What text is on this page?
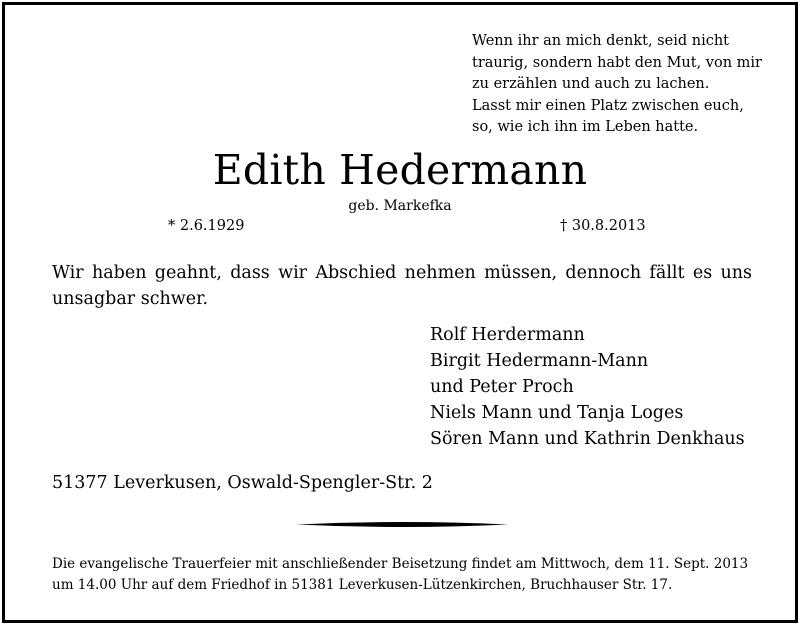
Wenn ihr an mich denkt, seid nicht
traurig, sondern habt den Mut, von mir
zu erzählen und auch zu lachen.
Lasst mir einen Platz zwischen euch,
so, wie ich ihn im Leben hatte.
Edith Hedermann
geb. Markefka
* 2.6.1929	† 30.8.2013
Wir haben geahnt, dass wir Abschied nehmen müssen, dennoch fällt es uns unsagbar schwer.
Rolf Herdermann
Birgit Hedermann-Mann
und Peter Proch
Niels Mann und Tanja Loges
Sören Mann und Kathrin Denkhaus
51377 Leverkusen, Oswald-Spengler-Str. 2
Die evangelische Trauerfeier mit anschließender Beisetzung findet am Mittwoch, dem 11. Sept. 2013
um 14.00 Uhr auf dem Friedhof in 51381 Leverkusen-Lützenkirchen, Bruchhauser Str. 17.
